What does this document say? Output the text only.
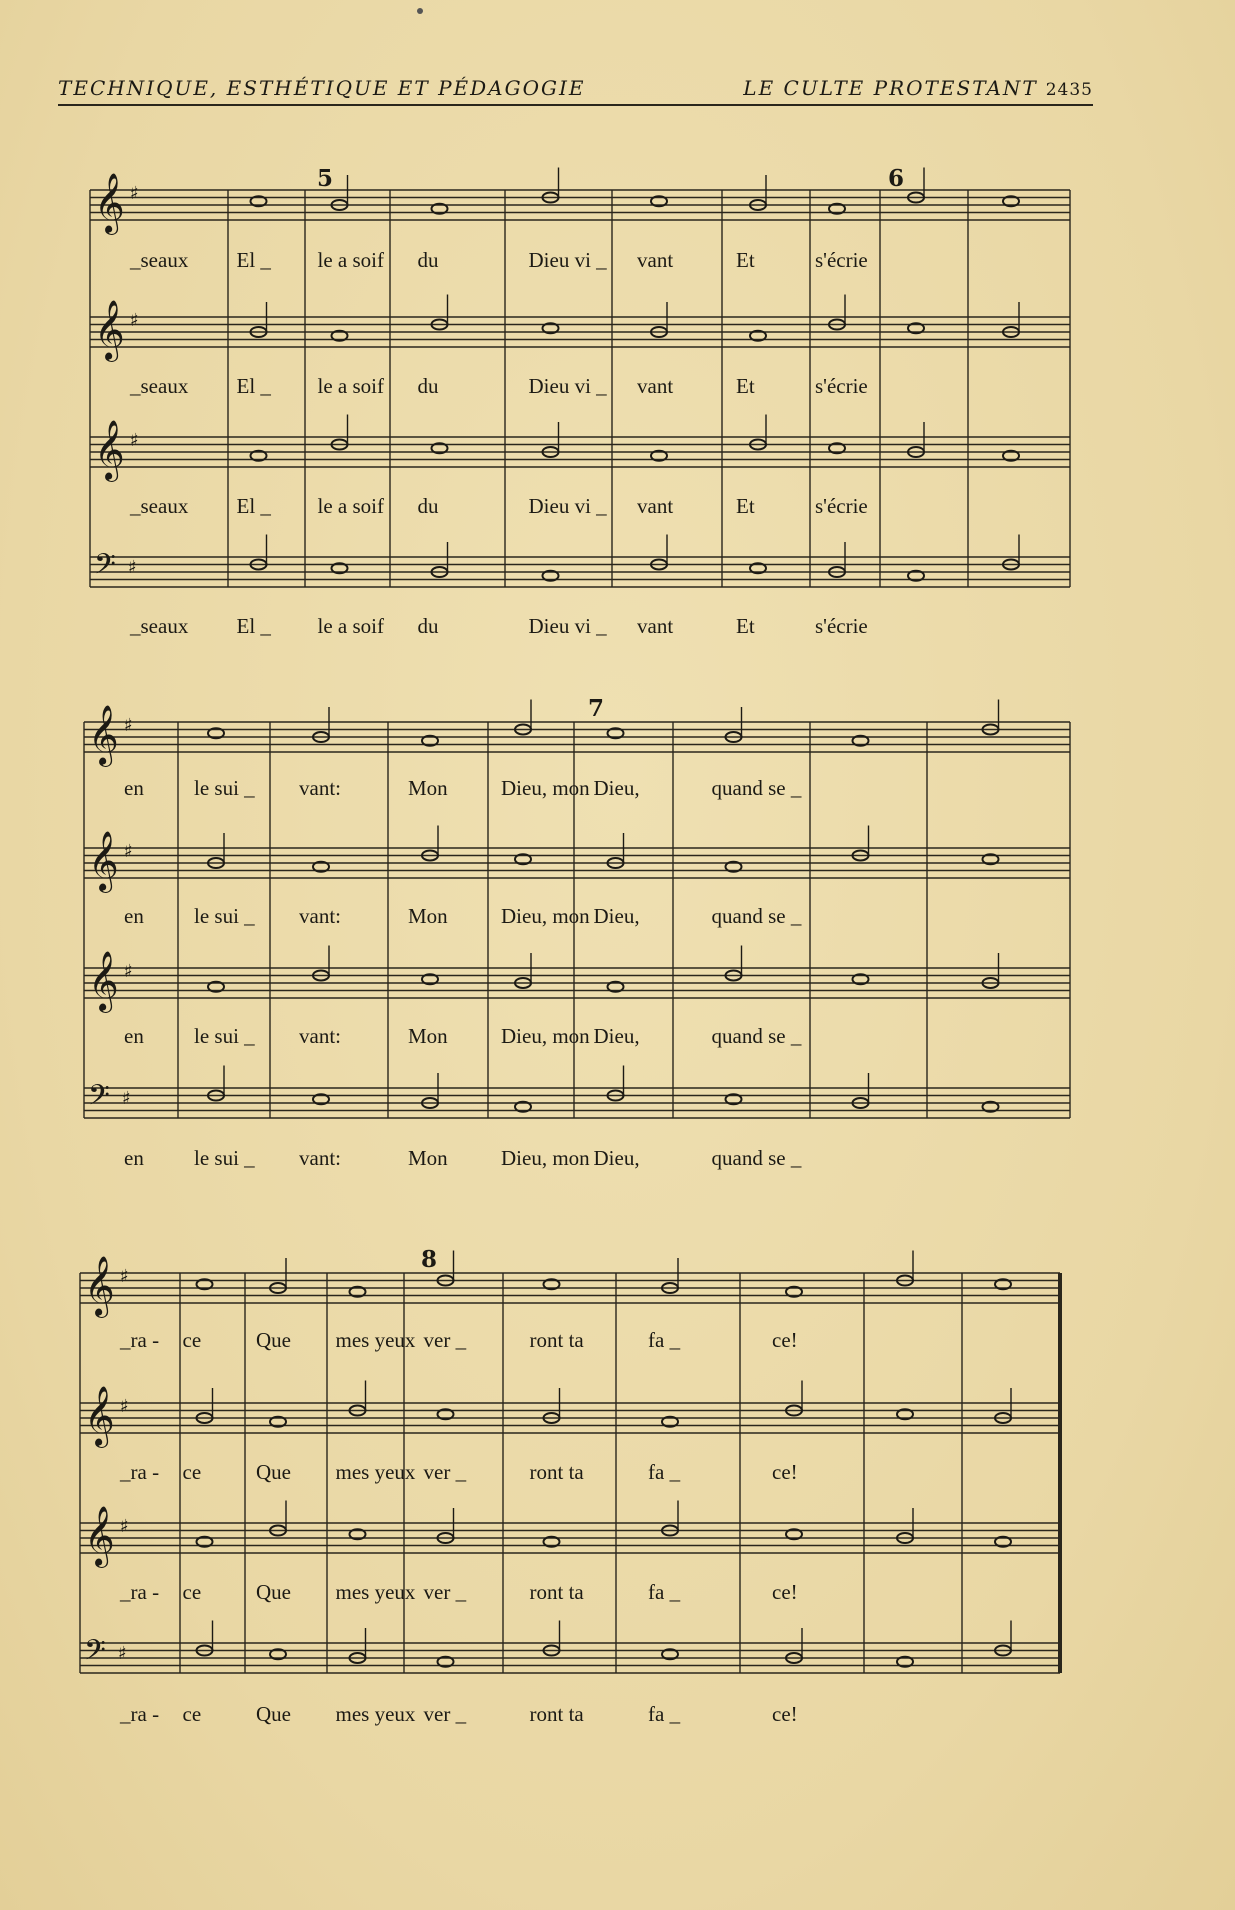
TECHNIQUE, ESTHÉTIQUE ET PÉDAGOGIE	LE CULTE PROTESTANT 2435
𝄞 ♯
𝄞 ♯
𝄞 ♯
𝄢 ♯
5	6
_seaux El _ le a soif du	Dieu vi _ vant	Et	s'écrie
_seaux El _ le a soif du	Dieu vi _ vant	Et	s'écrie
_seaux El _ le a soif du	Dieu vi _ vant	Et	s'écrie
_seaux El _ le a soif du	Dieu vi _ vant	Et	s'écrie
𝄞 ♯
𝄞 ♯
𝄞 ♯
𝄢 ♯
7
en le sui _ vant:	Mon	Dieu, mon Dieu,	quand se _
en le sui _ vant:	Mon	Dieu, mon Dieu,	quand se _
en le sui _ vant:	Mon	Dieu, mon Dieu,	quand se _
en le sui _ vant:	Mon	Dieu, mon Dieu,	quand se _
𝄞 ♯
𝄞 ♯
𝄞 ♯
𝄢 ♯
8
_ra - ce	Que mes yeux ver _	ront ta	fa _	ce!
_ra - ce	Que mes yeux ver _	ront ta	fa _	ce!
_ra - ce	Que mes yeux ver _	ront ta	fa _	ce!
_ra - ce	Que mes yeux ver _	ront ta	fa _	ce!
